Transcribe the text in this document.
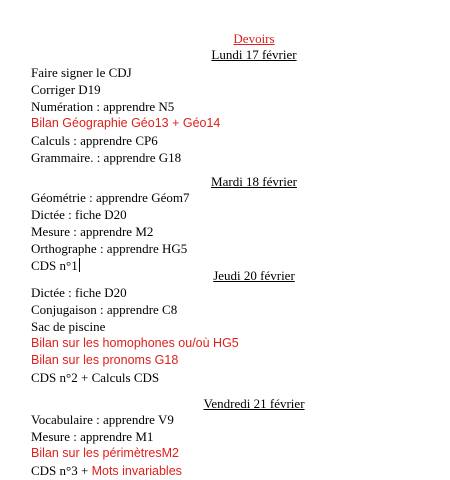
Devoirs
Lundi 17 février
Faire signer le CDJ
Corriger D19
Numération : apprendre N5
Bilan Géographie Géo13 + Géo14
Calculs : apprendre CP6
Grammaire. : apprendre G18
Mardi 18 février
Géométrie : apprendre Géom7
Dictée : fiche D20
Mesure : apprendre M2
Orthographe : apprendre HG5
CDS n°1
Jeudi 20 février
Dictée : fiche D20
Conjugaison : apprendre C8
Sac de piscine
Bilan sur les homophones ou/où HG5
Bilan sur les pronoms G18
CDS n°2 + Calculs CDS
Vendredi 21 février
Vocabulaire : apprendre V9
Mesure : apprendre M1
Bilan sur les périmètresM2
CDS n°3 + Mots invariables
